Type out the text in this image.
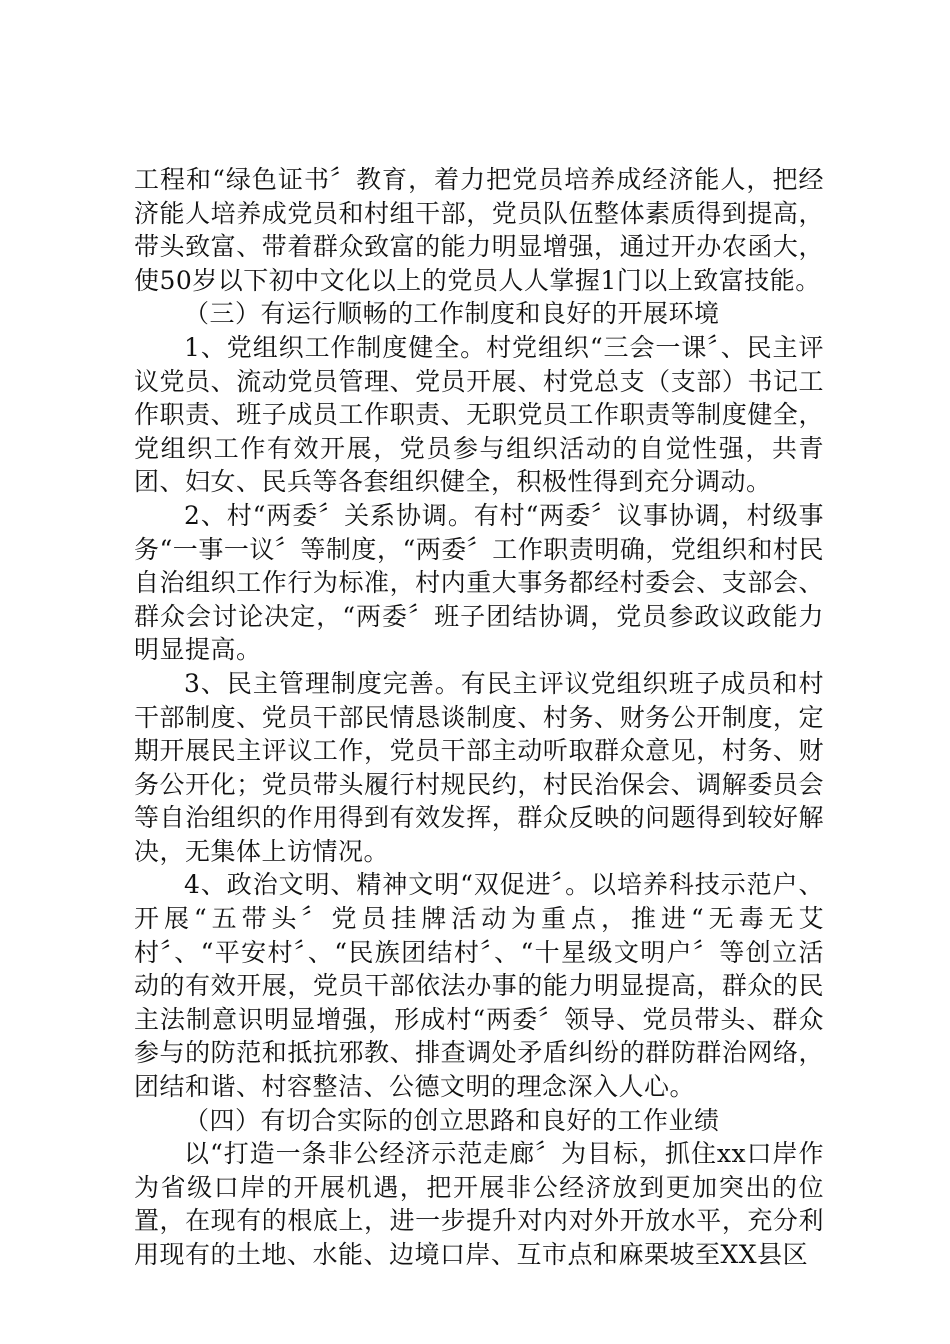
工程和“绿色证书〞教育，着力把党员培养成经济能人，把经济能人培养成党员和村组干部，党员队伍整体素质得到提高，带头致富、带着群众致富的能力明显增强，通过开办农函大，使50岁以下初中文化以上的党员人人掌握1门以上致富技能。

（三）有运行顺畅的工作制度和良好的开展环境

1、党组织工作制度健全。村党组织“三会一课〞、民主评议党员、流动党员管理、党员开展、村党总支（支部）书记工作职责、班子成员工作职责、无职党员工作职责等制度健全，党组织工作有效开展，党员参与组织活动的自觉性强，共青团、妇女、民兵等各套组织健全，积极性得到充分调动。

2、村“两委〞关系协调。有村“两委〞议事协调，村级事务“一事一议〞等制度，“两委〞工作职责明确，党组织和村民自治组织工作行为标准，村内重大事务都经村委会、支部会、群众会讨论决定，“两委〞班子团结协调，党员参政议政能力明显提高。

3、民主管理制度完善。有民主评议党组织班子成员和村干部制度、党员干部民情恳谈制度、村务、财务公开制度，定期开展民主评议工作，党员干部主动听取群众意见，村务、财务公开化；党员带头履行村规民约，村民治保会、调解委员会等自治组织的作用得到有效发挥，群众反映的问题得到较好解决，无集体上访情况。

4、政治文明、精神文明“双促进〞。以培养科技示范户、开展“五带头〞党员挂牌活动为重点，推进“无毒无艾村〞、“平安村〞、“民族团结村〞、“十星级文明户〞等创立活动的有效开展，党员干部依法办事的能力明显提高，群众的民主法制意识明显增强，形成村“两委〞领导、党员带头、群众参与的防范和抵抗邪教、排查调处矛盾纠纷的群防群治网络，团结和谐、村容整洁、公德文明的理念深入人心。

（四）有切合实际的创立思路和良好的工作业绩

以“打造一条非公经济示范走廊〞为目标，抓住xx口岸作为省级口岸的开展机遇，把开展非公经济放到更加突出的位置，在现有的根底上，进一步提升对内对外开放水平，充分利用现有的土地、水能、边境口岸、互市点和麻栗坡至XX县区
